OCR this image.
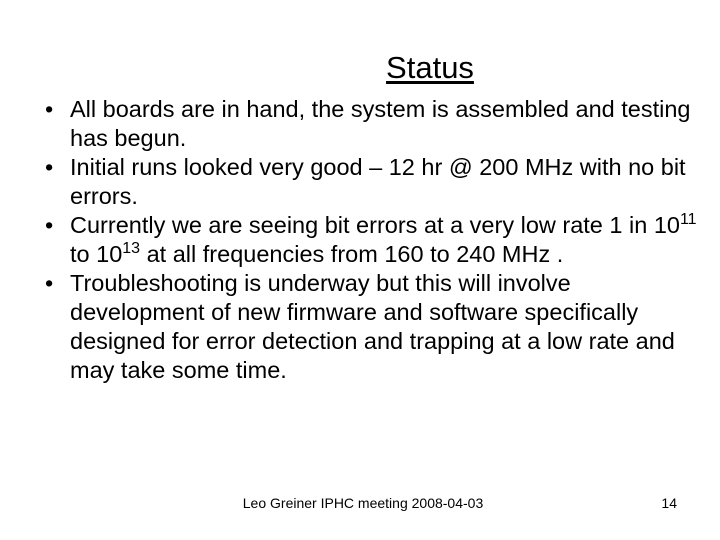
Status
• All boards are in hand, the system is assembled and testing has begun.
• Initial runs looked very good – 12 hr @ 200 MHz with no bit errors.
• Currently we are seeing bit errors at a very low rate 1 in $10^{11}$ to $10^{13}$ at all frequencies from 160 to 240 MHz .
• Troubleshooting is underway but this will involve development of new firmware and software specifically designed for error detection and trapping at a low rate and may take some time.
Leo Greiner IPHC meeting 2008-04-03	14
